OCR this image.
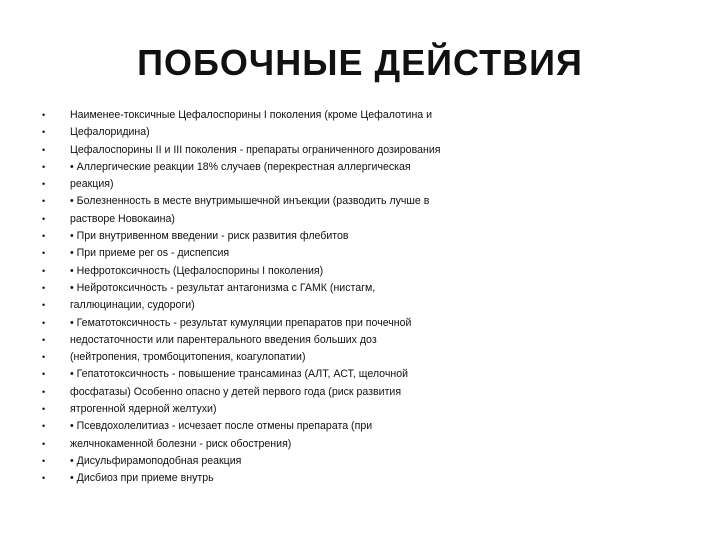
ПОБОЧНЫЕ ДЕЙСТВИЯ
• Наименее-токсичные Цефалоспорины I поколения (кроме Цефалотина и
• Цефалоридина)
• Цефалоспорины II и III поколения - препараты ограниченного дозирования
• • Аллергические реакции 18% случаев (перекрестная аллергическая
• реакция)
• • Болезненность в месте внутримышечной инъекции (разводить лучше в
• растворе Новокаина)
• • При внутривенном введении - риск развития флебитов
• • При приеме per os - диспепсия
• • Нефротоксичность (Цефалоспорины I поколения)
• • Нейротоксичность - результат антагонизма с ГАМК (нистагм,
• галлюцинации, судороги)
• • Гематотоксичность - результат кумуляции препаратов при почечной
• недостаточности или парентерального введения больших доз
• (нейтропения, тромбоцитопения, коагулопатии)
• • Гепатотоксичность - повышение трансаминаз (АЛТ, АСТ, щелочной
• фосфатазы) Особенно опасно у детей первого года (риск развития
• ятрогенной ядерной желтухи)
• • Псевдохолелитиаз - исчезает после отмены препарата (при
• желчнокаменной болезни - риск обострения)
• • Дисульфирамоподобная реакция
• • Дисбиоз при приеме внутрь
